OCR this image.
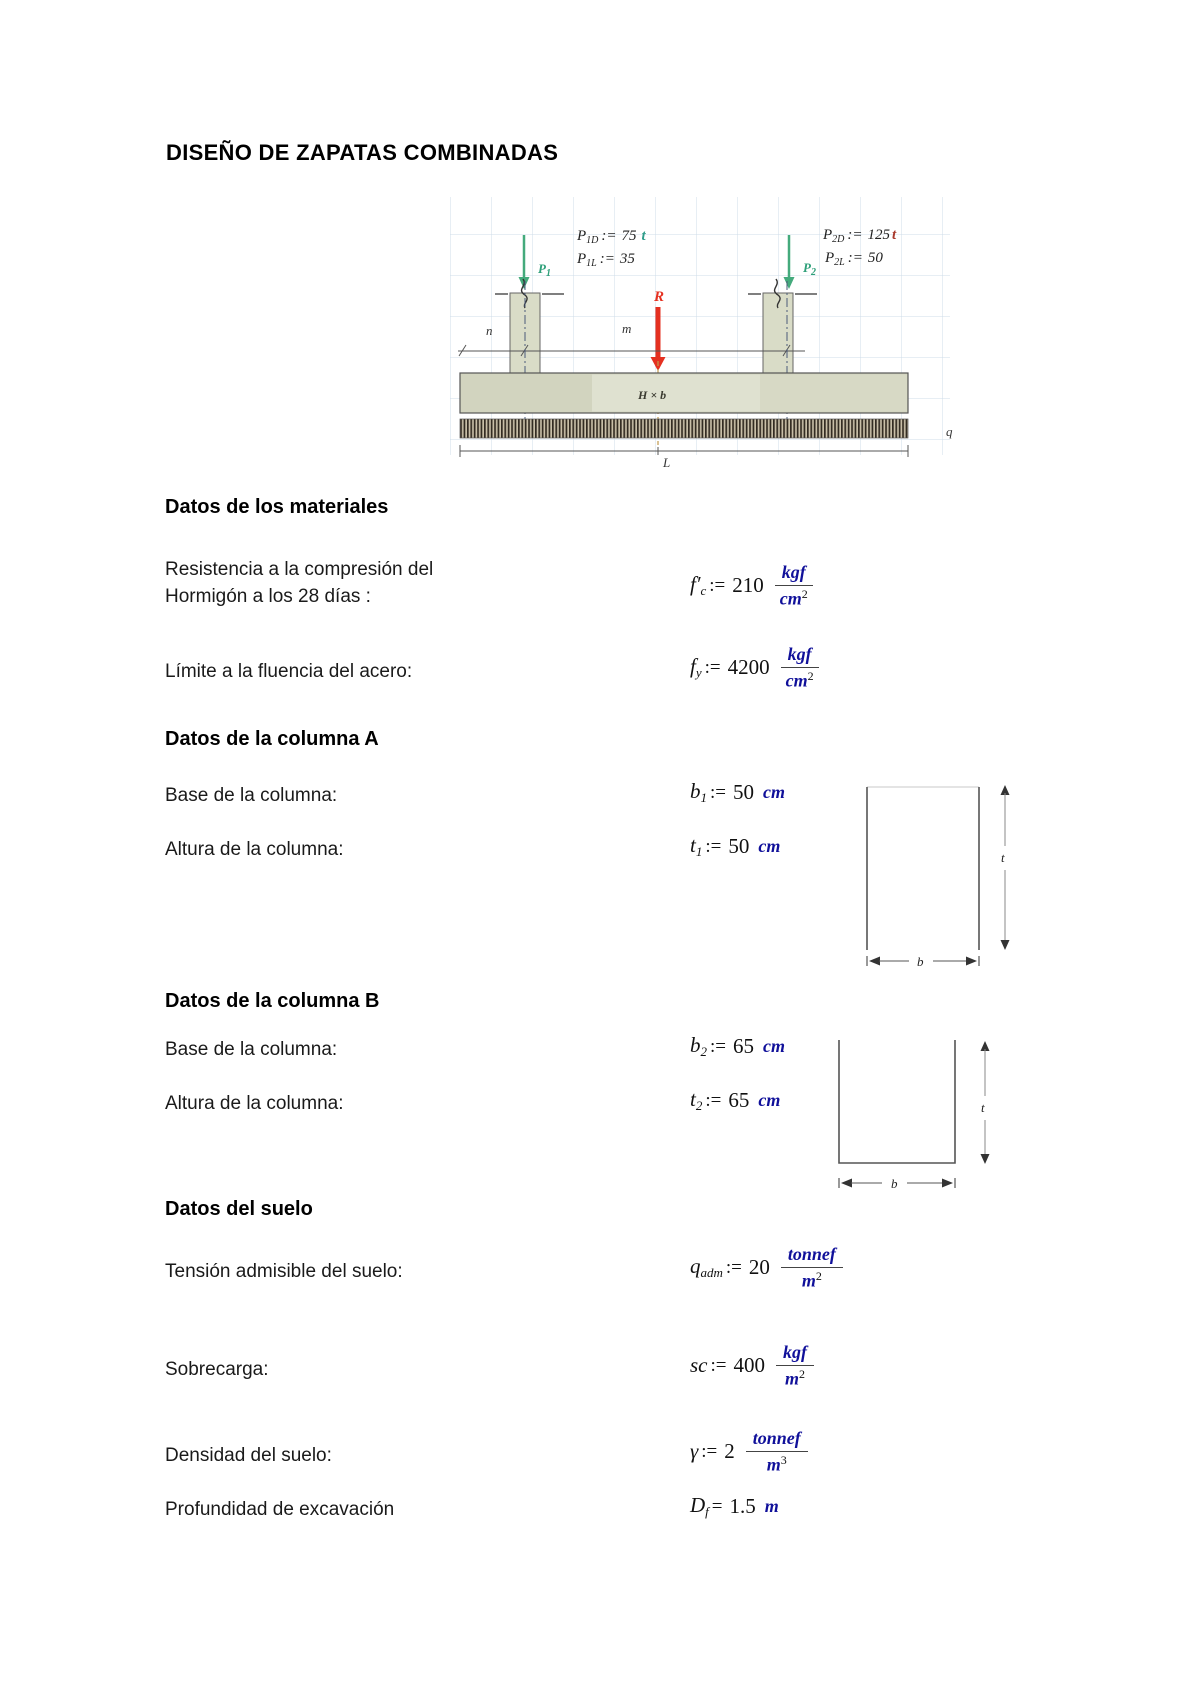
DISEÑO DE ZAPATAS COMBINADAS
$P_{1D}$ := 75 t
$P_{1L}$ := 35
$P_{2D}$ := 125 t
$P_{2L}$ := 50
$P_1$	$P_2$
R
n	m
H × b
q
L
Datos de los materiales
Resistencia a la compresión del
Hormigón a los 28 días :
$f'_c$ := $210 \frac{\text{kgf}}{cm^2}$
Límite a la fluencia del acero:	$f_y$ := $4200 \frac{\text{kgf}}{cm^2}$
Datos de la columna A
Base de la columna:	$b_1$ := 50 cm
Altura de la columna:	$t_1$ := 50 cm
t
b
Datos de la columna B
Base de la columna:	$b_2$ := 65 cm
Altura de la columna:	$t_2$ := 65 cm	t
b
Datos del suelo
Tensión admisible del suelo:	$q_{adm}$ := $20 \frac{\text{tonnef}}{m^2}$
Sobrecarga:	sc := $400 \frac{\text{kgf}}{m^2}$
Densidad del suelo:	γ := $2 \frac{\text{tonnef}}{m^3}$
Profundidad de excavación	$D_f = 1.5$ m
